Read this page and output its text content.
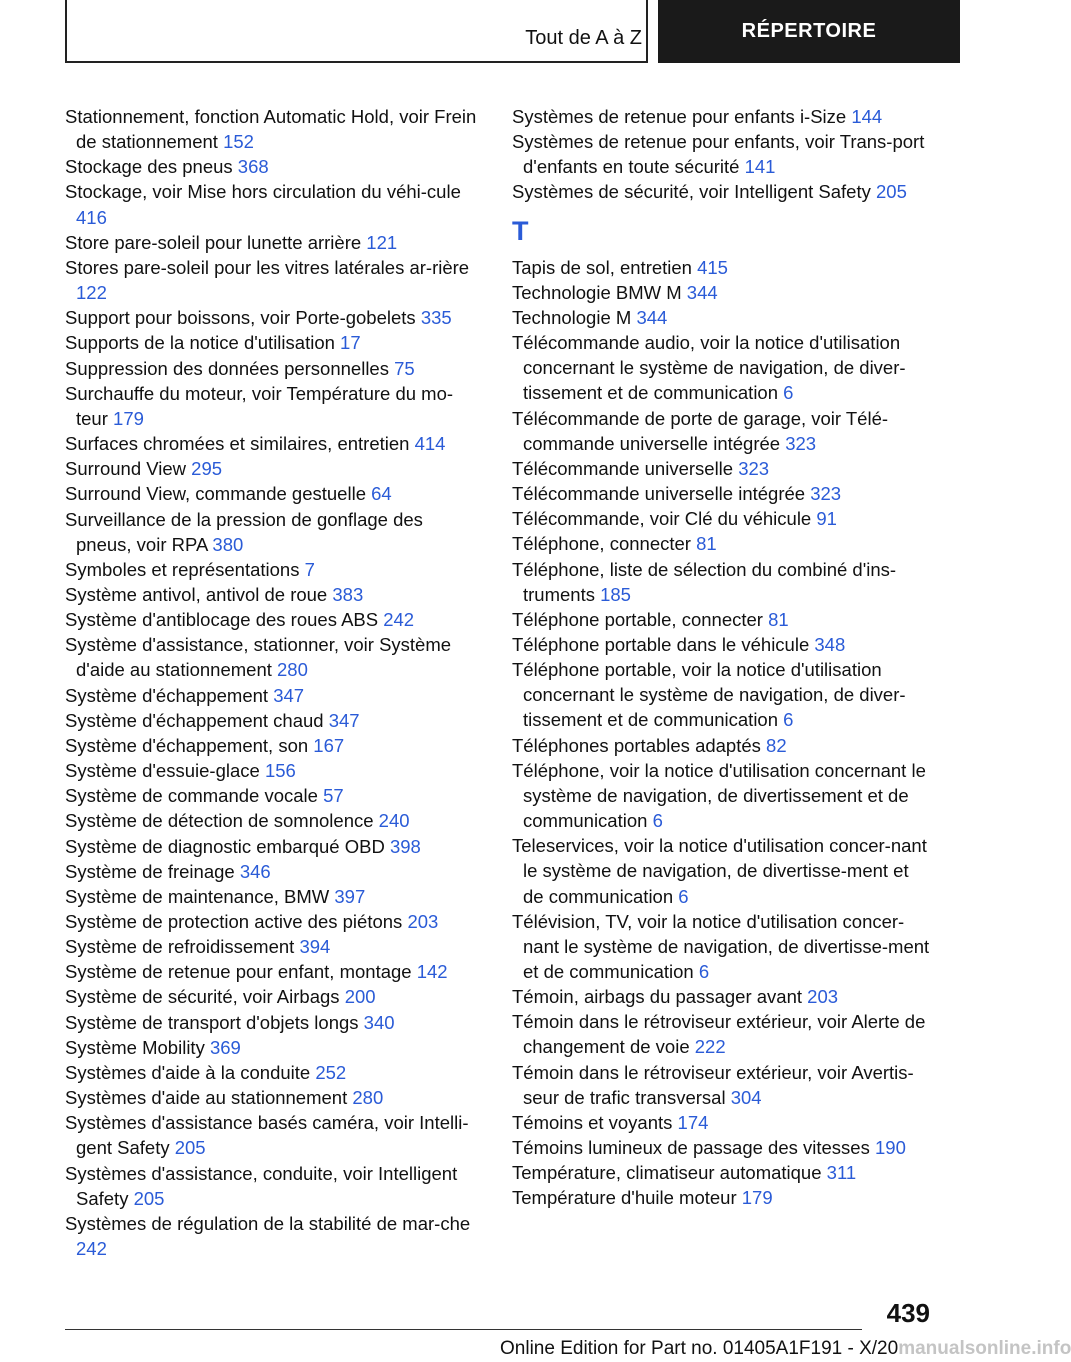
Tout de A à Z	RÉPERTOIRE
Stationnement, fonction Automatic Hold, voir Frein de stationnement 152
Stockage des pneus 368
Stockage, voir Mise hors circulation du véhi-cule 416
Store pare-soleil pour lunette arrière 121
Stores pare-soleil pour les vitres latérales ar-rière 122
Support pour boissons, voir Porte-gobelets 335
Supports de la notice d'utilisation 17
Suppression des données personnelles 75
Surchauffe du moteur, voir Température du mo-teur 179
Surfaces chromées et similaires, entretien 414
Surround View 295
Surround View, commande gestuelle 64
Surveillance de la pression de gonflage des pneus, voir RPA 380
Symboles et représentations 7
Système antivol, antivol de roue 383
Système d'antiblocage des roues ABS 242
Système d'assistance, stationner, voir Système d'aide au stationnement 280
Système d'échappement 347
Système d'échappement chaud 347
Système d'échappement, son 167
Système d'essuie-glace 156
Système de commande vocale 57
Système de détection de somnolence 240
Système de diagnostic embarqué OBD 398
Système de freinage 346
Système de maintenance, BMW 397
Système de protection active des piétons 203
Système de refroidissement 394
Système de retenue pour enfant, montage 142
Système de sécurité, voir Airbags 200
Système de transport d'objets longs 340
Système Mobility 369
Systèmes d'aide à la conduite 252
Systèmes d'aide au stationnement 280
Systèmes d'assistance basés caméra, voir Intelli-gent Safety 205
Systèmes d'assistance, conduite, voir Intelligent Safety 205
Systèmes de régulation de la stabilité de mar-che 242
Systèmes de retenue pour enfants i-Size 144
Systèmes de retenue pour enfants, voir Trans-port d'enfants en toute sécurité 141
Systèmes de sécurité, voir Intelligent Safety 205
T
Tapis de sol, entretien 415
Technologie BMW M 344
Technologie M 344
Télécommande audio, voir la notice d'utilisation concernant le système de navigation, de diver-tissement et de communication 6
Télécommande de porte de garage, voir Télé-commande universelle intégrée 323
Télécommande universelle 323
Télécommande universelle intégrée 323
Télécommande, voir Clé du véhicule 91
Téléphone, connecter 81
Téléphone, liste de sélection du combiné d'ins-truments 185
Téléphone portable, connecter 81
Téléphone portable dans le véhicule 348
Téléphone portable, voir la notice d'utilisation concernant le système de navigation, de diver-tissement et de communication 6
Téléphones portables adaptés 82
Téléphone, voir la notice d'utilisation concernant le système de navigation, de divertissement et de communication 6
Teleservices, voir la notice d'utilisation concer-nant le système de navigation, de divertisse-ment et de communication 6
Télévision, TV, voir la notice d'utilisation concer-nant le système de navigation, de divertisse-ment et de communication 6
Témoin, airbags du passager avant 203
Témoin dans le rétroviseur extérieur, voir Alerte de changement de voie 222
Témoin dans le rétroviseur extérieur, voir Avertis-seur de trafic transversal 304
Témoins et voyants 174
Témoins lumineux de passage des vitesses 190
Température, climatiseur automatique 311
Température d'huile moteur 179
439
Online Edition for Part no. 01405A1F191 - X/20manualsonline.info
